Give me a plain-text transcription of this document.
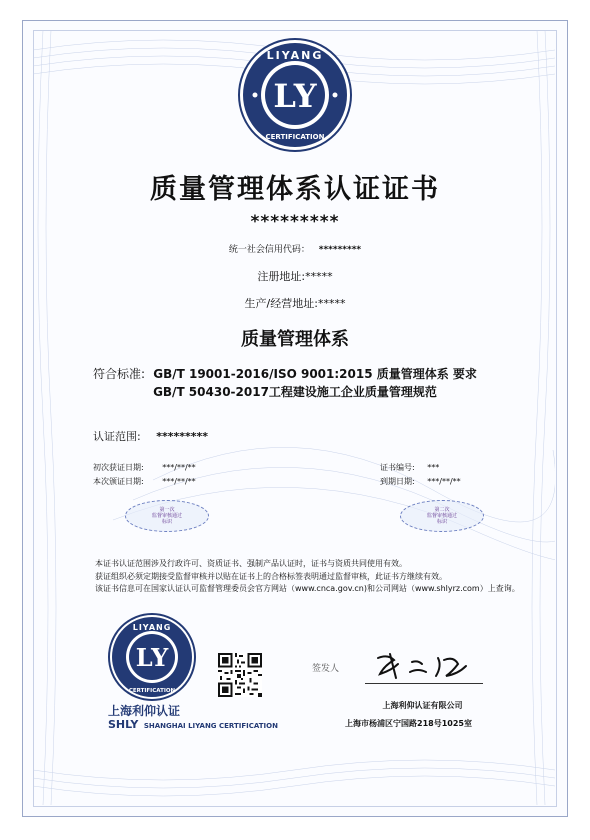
LIYANG
CERTIFICATION
LY
质量管理体系认证证书
*********
统一社会信用代码： *********
注册地址:*****
生产/经营地址:*****
质量管理体系
符合标准: GB/T 19001-2016/ISO 9001:2015 质量管理体系 要求
GB/T 50430-2017工程建设施工企业质量管理规范
认证范围: *********
初次获证日期: ***/**/**
本次颁证日期: ***/**/**
证书编号: ***
到期日期: ***/**/**
第一次
监督审核通过
标识
第二次
监督审核通过
标识
本证书认证范围涉及行政许可、资质证书、强制产品认证时，证书与资质共同使用有效。
获证组织必须定期接受监督审核并以贴在证书上的合格标签表明通过监督审核，此证书方继续有效。
该证书信息可在国家认证认可监督管理委员会官方网站（www.cnca.gov.cn)和公司网站（www.shlyrz.com）上查询。
LIYANG
CERTIFICATION
LY
上海利仰认证
SHLY SHANGHAI LIYANG CERTIFICATION
签发人
上海利仰认证有限公司
上海市杨浦区宁国路218号1025室
